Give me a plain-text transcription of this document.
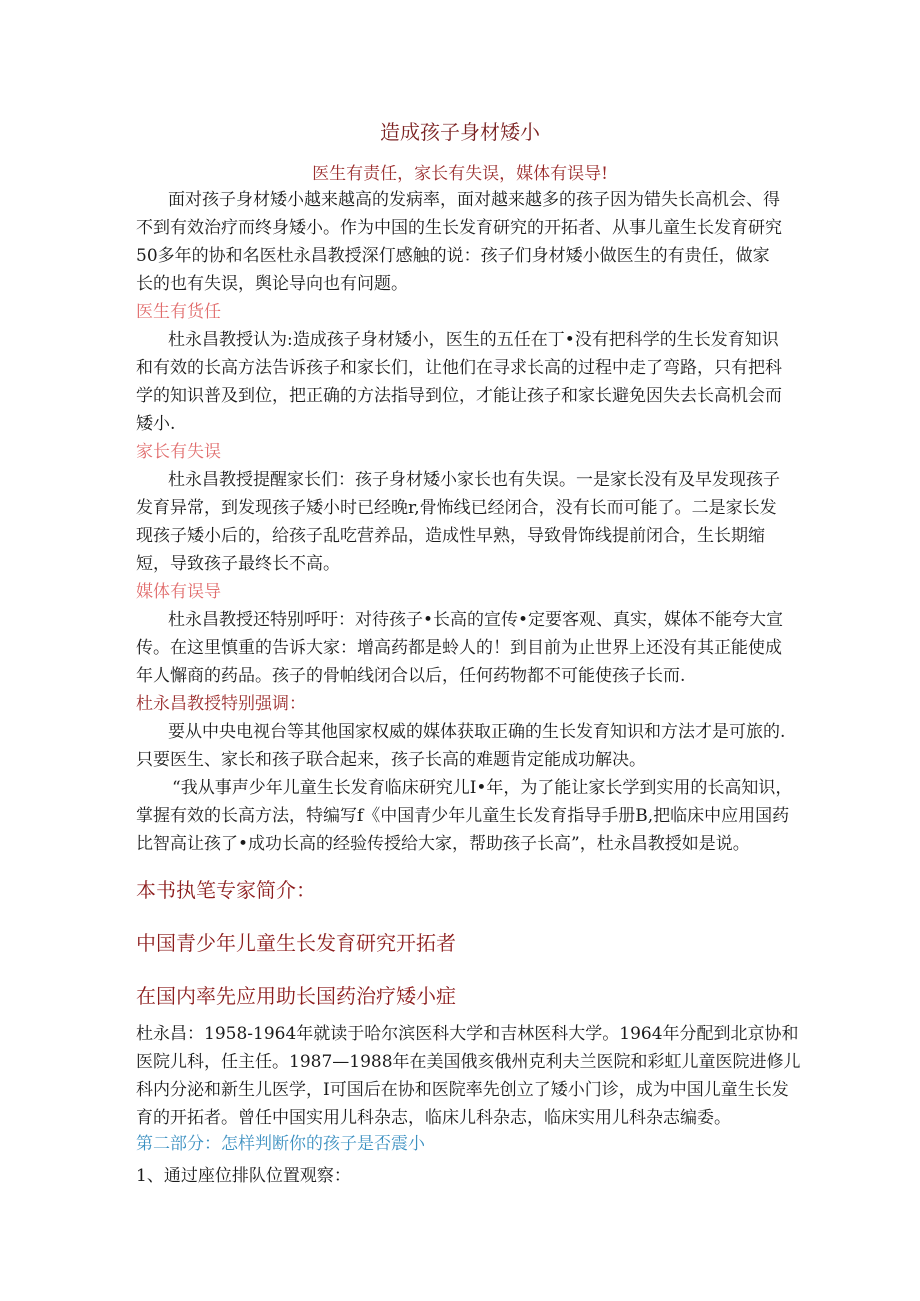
造成孩子身材矮小
医生有责任，家长有失误，媒体有误导!
面对孩子身材矮小越来越高的发病率，面对越来越多的孩子因为错失长高机会、得
不到有效治疗而终身矮小。作为中国的生长发育研究的开拓者、从事儿童生长发育研究
50多年的协和名医杜永昌教授深仃感触的说：孩子们身材矮小做医生的有贵任，做家
长的也有失误，舆论导向也有问题。
医生有货任
杜永昌教授认为:造成孩子身材矮小，医生的五任在丁•没有把科学的生长发育知识
和有效的长高方法告诉孩子和家长们，让他们在寻求长高的过程中走了弯路，只有把科
学的知识普及到位，把正确的方法指导到位，才能让孩子和家长避免因失去长高机会而
矮小.
家长有失误
杜永昌教授提醒家长们：孩子身材矮小家长也有失误。一是家长没有及早发现孩子
发育异常，到发现孩子矮小时已经晚r,骨怖线已经闭合，没有长而可能了。二是家长发
现孩子矮小后的，给孩子乱吃营养品，造成性早熟，导致骨饰线提前闭合，生长期缩
短，导致孩子最终长不高。
媒体有误导
杜永昌教授还特别呼吁：对待孩子•长高的宣传•定要客观、真实，媒体不能夸大宣
传。在这里慎重的告诉大家：增高药都是蛉人的！到目前为止世界上还没有其正能使成
年人懈商的药品。孩子的骨帕线闭合以后，任何药物都不可能使孩子长而.
杜永昌教授特别强调：
要从中央电视台等其他国家权威的媒体获取正确的生长发育知识和方法才是可旅的.
只要医生、家长和孩子联合起来，孩子长高的难题肯定能成功解决。
“我从事声少年儿童生长发育临床研究儿I•年，为了能让家长学到实用的长高知识，
掌握有效的长高方法，特编写f《中国青少年儿童生长发育指导手册B,把临床中应用国药
比智高让孩了•成功长高的经验传授给大家，帮助孩子长高”，杜永昌教授如是说。
本书执笔专家简介：
中国青少年儿童生长发育研究开拓者
在国内率先应用助长国药治疗矮小症
杜永昌：1958-1964年就读于哈尔滨医科大学和吉林医科大学。1964年分配到北京协和
医院儿科，任主任。1987—1988年在美国俄亥俄州克利夫兰医院和彩虹儿童医院进修儿
科内分泌和新生儿医学，I可国后在协和医院率先创立了矮小门诊，成为中国儿童生长发
育的开拓者。曾任中国实用儿科杂志，临床儿科杂志，临床实用儿科杂志编委。
第二部分：怎样判断你的孩子是否震小
1、通过座位排队位置观察：
